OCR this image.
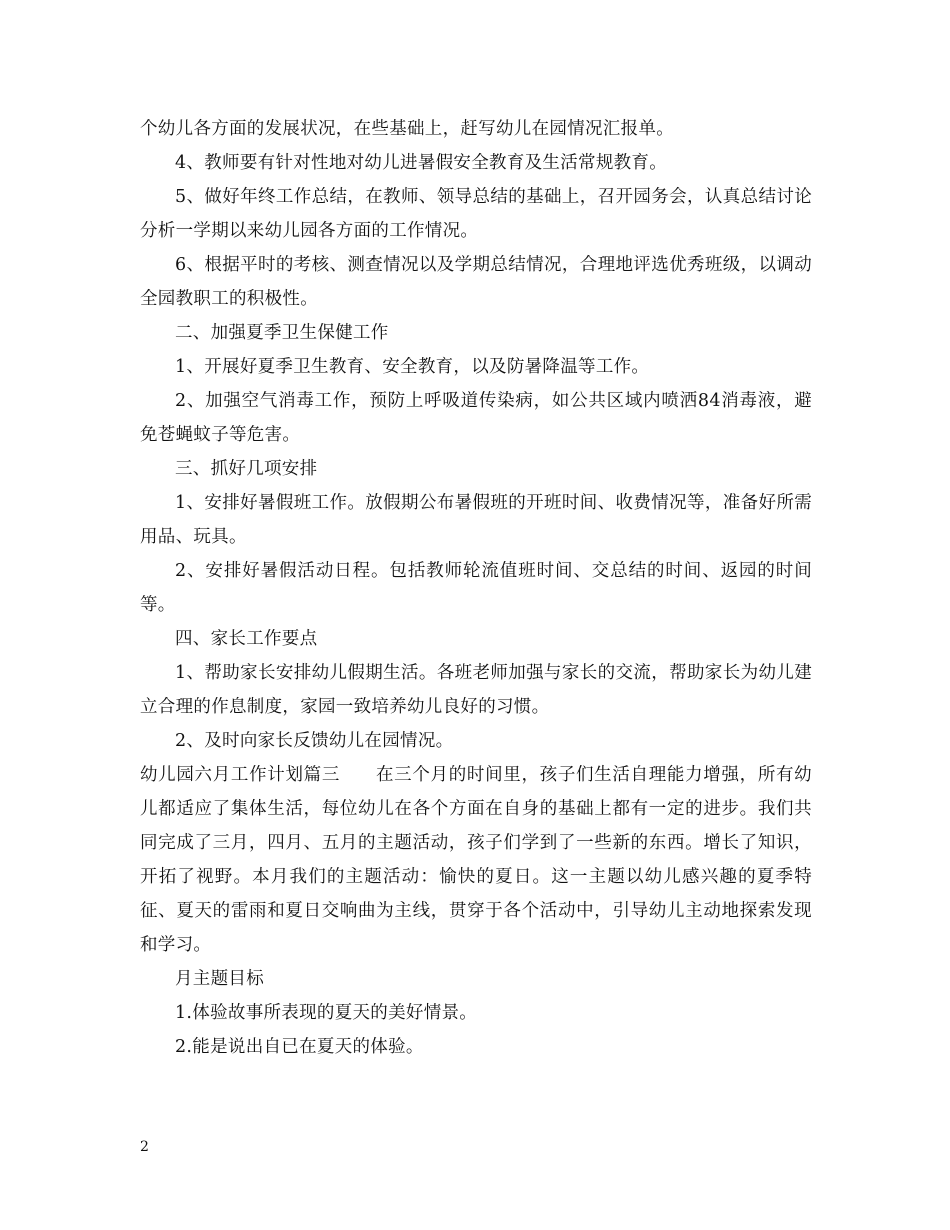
个幼儿各方面的发展状况，在些基础上，赶写幼儿在园情况汇报单。

4、教师要有针对性地对幼儿进暑假安全教育及生活常规教育。

5、做好年终工作总结，在教师、领导总结的基础上，召开园务会，认真总结讨论分析一学期以来幼儿园各方面的工作情况。

6、根据平时的考核、测查情况以及学期总结情况，合理地评选优秀班级，以调动全园教职工的积极性。

二、加强夏季卫生保健工作

1、开展好夏季卫生教育、安全教育，以及防暑降温等工作。

2、加强空气消毒工作，预防上呼吸道传染病，如公共区域内喷洒84消毒液，避免苍蝇蚊子等危害。

三、抓好几项安排

1、安排好暑假班工作。放假期公布暑假班的开班时间、收费情况等，准备好所需用品、玩具。

2、安排好暑假活动日程。包括教师轮流值班时间、交总结的时间、返园的时间等。

四、家长工作要点

1、帮助家长安排幼儿假期生活。各班老师加强与家长的交流，帮助家长为幼儿建立合理的作息制度，家园一致培养幼儿良好的习惯。

2、及时向家长反馈幼儿在园情况。

幼儿园六月工作计划篇三 在三个月的时间里，孩子们生活自理能力增强，所有幼儿都适应了集体生活，每位幼儿在各个方面在自身的基础上都有一定的进步。我们共同完成了三月，四月、五月的主题活动，孩子们学到了一些新的东西。增长了知识，开拓了视野。本月我们的主题活动：愉快的夏日。这一主题以幼儿感兴趣的夏季特征、夏天的雷雨和夏日交响曲为主线，贯穿于各个活动中，引导幼儿主动地探索发现和学习。

月主题目标

1.体验故事所表现的夏天的美好情景。

2.能是说出自已在夏天的体验。

2
